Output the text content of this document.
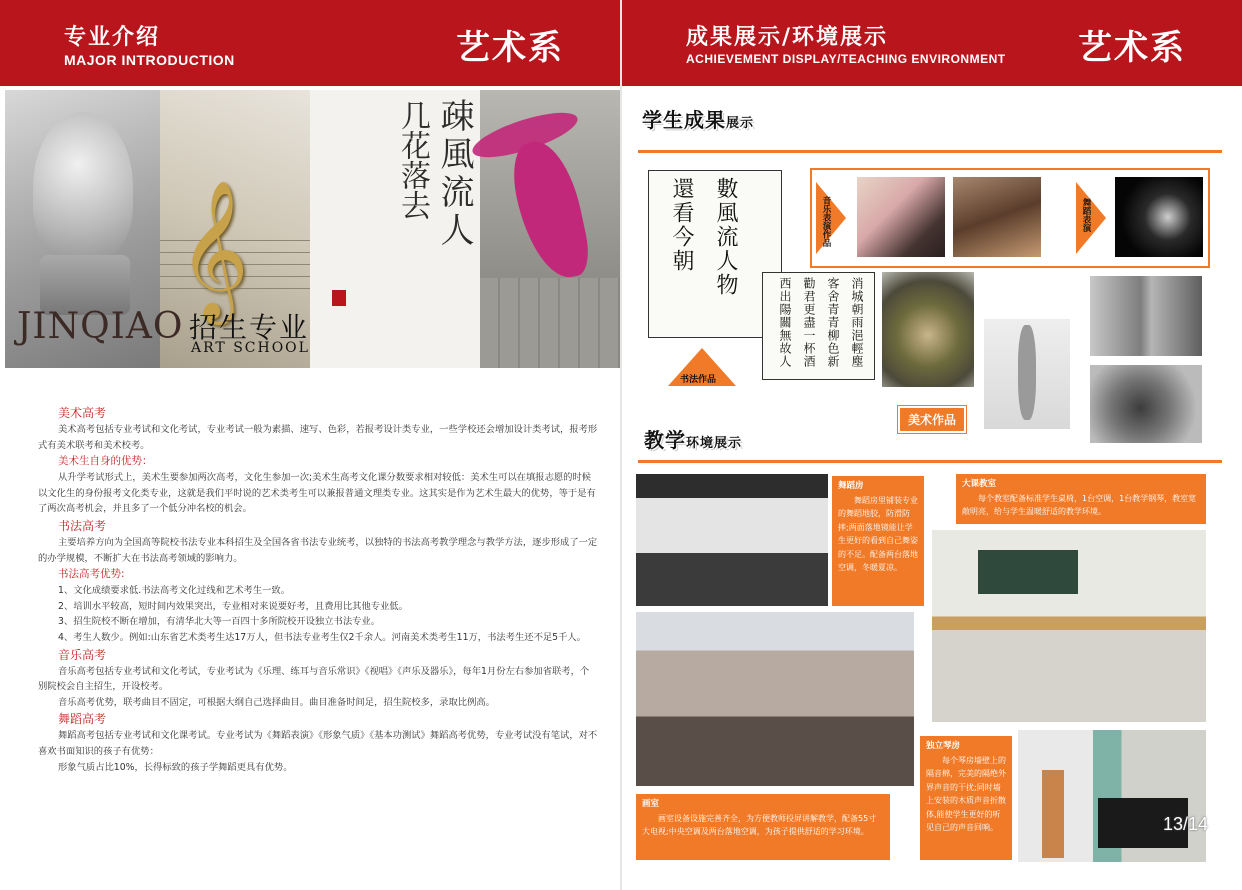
专业介绍
MAJOR INTRODUCTION	艺术系
𝄞
疎風流人
几花落去
JINQIAO 招生专业
ART SCHOOL
美术高考

美术高考包括专业考试和文化考试，专业考试一般为素描、速写、色彩，若报考设计类专业，一些学校还会增加设计类考试，报考形式有美术联考和美术校考。

美术生自身的优势：

从升学考试形式上，美术生要参加两次高考，文化生参加一次;美术生高考文化课分数要求相对较低：美术生可以在填报志愿的时候以文化生的身份报考文化类专业，这就是我们平时说的艺术类考生可以兼报普通文理类专业。这其实是作为艺术生最大的优势，等于是有了两次高考机会，并且多了一个低分冲名校的机会。

书法高考

主要培养方向为全国高等院校书法专业本科招生及全国各省书法专业统考，以独特的书法高考教学理念与教学方法，逐步形成了一定的办学规模，不断扩大在书法高考领域的影响力。

书法高考优势:

1、文化成绩要求低.书法高考文化过线和艺术考生一致。

2、培训水平较高，短时间内效果突出，专业相对来说要好考，且费用比其他专业低。

3、招生院校不断在增加，有清华北大等一百四十多所院校开设独立书法专业。

4、考生人数少。例如:山东省艺术类考生达17万人，但书法专业考生仅2千余人。河南美术类考生11万，书法考生还不足5千人。

音乐高考

音乐高考包括专业考试和文化考试，专业考试为《乐理、练耳与音乐常识》《视唱》《声乐及器乐》，每年1月份左右参加省联考，个别院校会自主招生，开设校考。

音乐高考优势，联考曲目不固定，可根据大纲自己选择曲目。曲目准备时间足，招生院校多，录取比例高。

舞蹈高考

舞蹈高考包括专业考试和文化课考试。专业考试为《舞蹈表演》《形象气质》《基本功测试》舞蹈高考优势，专业考试没有笔试，对不喜欢书面知识的孩子有优势：

形象气质占比10%，长得标致的孩子学舞蹈更具有优势。

成果展示/环境展示
ACHIEVEMENT DISPLAY/TEACHING ENVIRONMENT 艺术系
学生成果展示
數風流人物
還看今朝
消城朝雨浥輕塵
客舍青青柳色新
勸君更盡一杯酒
西出陽關無故人
书法作品
音乐表演作品	舞蹈表演
美术作品
教学环境展示
舞蹈房

舞蹈房里铺装专业的舞蹈地胶，防滑防摔;两面落地镜能让学生更好的看到自己舞姿的不足。配备两台落地空调，冬暖夏凉。

大课教室

每个教室配备标准学生桌椅，1台空调，1台教学钢琴，教室宽敞明亮，给与学生温暖舒适的教学环境。

画室

画室设备设施完善齐全，为方便教师投屏讲解教学，配备55寸大电视;中央空调及两台落地空调，为孩子提供舒适的学习环境。

独立琴房

每个琴房墙壁上的隔音棉，完美的隔绝外界声音的干扰;同时墙上安装的木质声音折散体,能使学生更好的听见自己的声音回响。	13/14
